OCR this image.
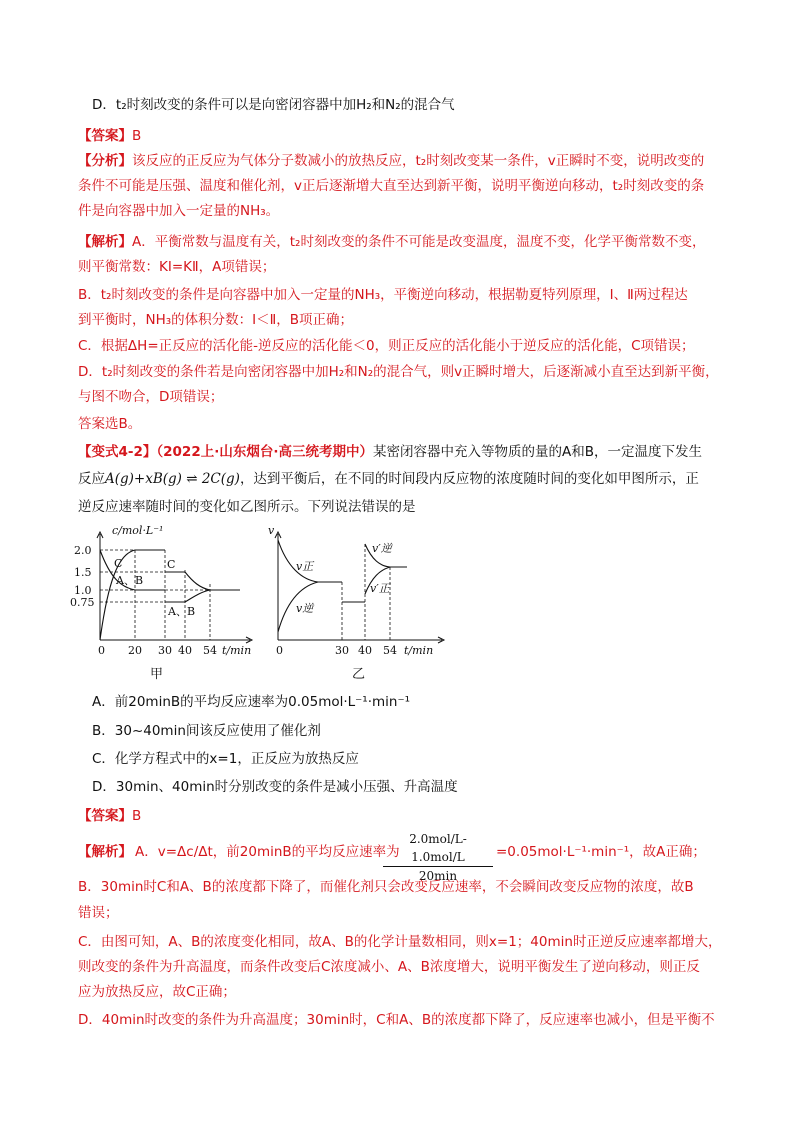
D．t₂时刻改变的条件可以是向密闭容器中加H₂和N₂的混合气
【答案】B
【分析】该反应的正反应为气体分子数减小的放热反应，t₂时刻改变某一条件，v正瞬时不变，说明改变的
条件不可能是压强、温度和催化剂，v正后逐渐增大直至达到新平衡，说明平衡逆向移动，t₂时刻改变的条
件是向容器中加入一定量的NH₃。
【解析】A．平衡常数与温度有关，t₂时刻改变的条件不可能是改变温度，温度不变，化学平衡常数不变，
则平衡常数：KⅠ=KⅡ，A项错误；
B．t₂时刻改变的条件是向容器中加入一定量的NH₃，平衡逆向移动，根据勒夏特列原理，Ⅰ、Ⅱ两过程达
到平衡时，NH₃的体积分数：Ⅰ＜Ⅱ，B项正确；
C．根据ΔH=正反应的活化能-逆反应的活化能＜0，则正反应的活化能小于逆反应的活化能，C项错误；
D．t₂时刻改变的条件若是向密闭容器中加H₂和N₂的混合气，则v正瞬时增大，后逐渐减小直至达到新平衡，
与图不吻合，D项错误；
答案选B。
【变式4-2】（2022上·山东烟台·高三统考期中）某密闭容器中充入等物质的量的A和B，一定温度下发生
反应A(g)+xB(g) ⇌ 2C(g)，达到平衡后，在不同的时间段内反应物的浓度随时间的变化如甲图所示，正
逆反应速率随时间的变化如乙图所示。下列说法错误的是
c/mol·L⁻¹
2.0
1.5
1.0
0.75
0 20 30 40 54 t/min
C
A、B
C
A、B
甲
v
v正
v逆
v′逆
v′正
0	30 40 54 t/min
乙
A．前20minB的平均反应速率为0.05mol·L⁻¹·min⁻¹
B．30~40min间该反应使用了催化剂
C．化学方程式中的x=1，正反应为放热反应
D．30min、40min时分别改变的条件是减小压强、升高温度
【答案】B
【解析】 A．v=Δc/Δt，前20minB的平均反应速率为
2.0mol/L-1.0mol/L
20min
=0.05mol·L⁻¹·min⁻¹，故A正确；
B．30min时C和A、B的浓度都下降了，而催化剂只会改变反应速率，不会瞬间改变反应物的浓度，故B
错误；
C．由图可知，A、B的浓度变化相同，故A、B的化学计量数相同，则x=1；40min时正逆反应速率都增大，
则改变的条件为升高温度，而条件改变后C浓度减小、A、B浓度增大，说明平衡发生了逆向移动，则正反
应为放热反应，故C正确；
D．40min时改变的条件为升高温度；30min时，C和A、B的浓度都下降了，反应速率也减小，但是平衡不
